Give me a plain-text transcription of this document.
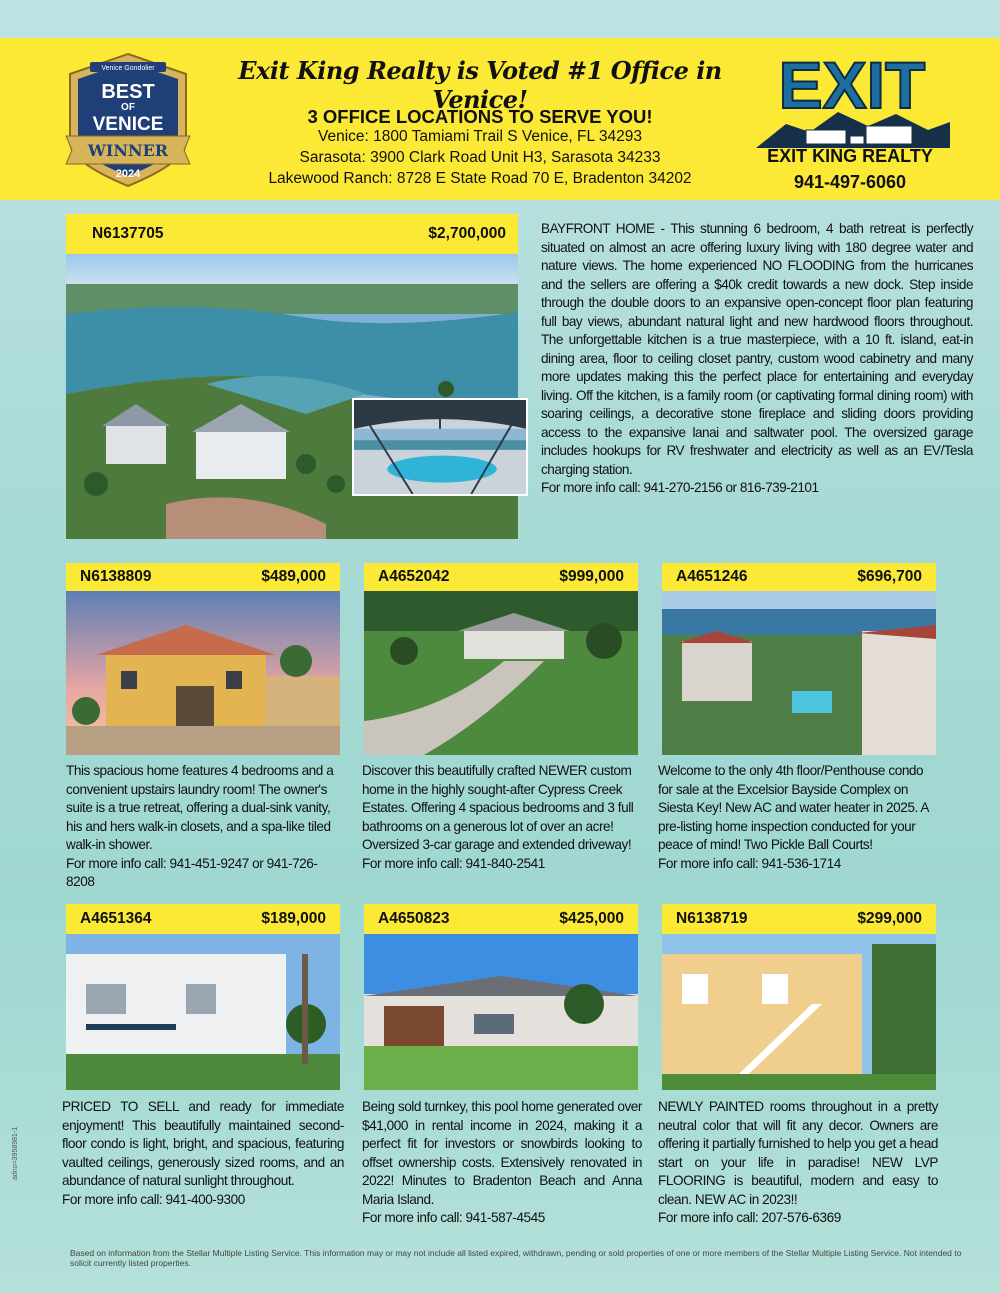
Venice Gondolier
BEST
OF
VENICE
WINNER
2024
Exit King Realty is Voted #1 Office in Venice!
3 OFFICE LOCATIONS TO SERVE YOU!
Venice: 1800 Tamiami Trail S Venice, FL 34293
Sarasota: 3900 Clark Road Unit H3, Sarasota 34233
Lakewood Ranch: 8728 E State Road 70 E, Bradenton 34202
EXIT
EXIT KING REALTY
941-497-6060
N6137705	$2,700,000	BAYFRONT HOME - This stunning 6 bedroom, 4 bath retreat is perfectly situated on almost an acre offering luxury living with 180 degree water and nature views. The home experienced NO FLOODING from the hurricanes and the sellers are offering a $40k credit towards a new dock. Step inside through the double doors to an expansive open-concept floor plan featuring full bay views, abundant natural light and new hardwood floors throughout. The unforgettable kitchen is a true masterpiece, with a 10 ft. island, eat-in dining area, floor to ceiling closet pantry, custom wood cabinetry and many more updates making this the perfect place for entertaining and everyday living. Off the kitchen, is a family room (or captivating formal dining room) with soaring ceilings, a decorative stone fireplace and sliding doors providing access to the expansive lanai and saltwater pool. The oversized garage includes hookups for RV freshwater and electricity as well as an EV/Tesla charging station.
For more info call: 941-270-2156 or 816-739-2101
N6138809	$489,000
This spacious home features 4 bedrooms and a convenient upstairs laundry room! The owner's suite is a true retreat, offering a dual-sink vanity, his and hers walk-in closets, and a spa-like tiled walk-in shower.
For more info call: 941-451-9247 or 941-726-8208
A4652042	$999,000
Discover this beautifully crafted NEWER custom home in the highly sought-after Cypress Creek Estates. Offering 4 spacious bedrooms and 3 full bathrooms on a generous lot of over an acre! Oversized 3-car garage and extended driveway!
For more info call: 941-840-2541
A4651246	$696,700
Welcome to the only 4th floor/Penthouse condo for sale at the Excelsior Bayside Complex on Siesta Key! New AC and water heater in 2025. A pre-listing home inspection conducted for your peace of mind! Two Pickle Ball Courts!
For more info call: 941-536-1714
A4651364	$189,000
PRICED TO SELL and ready for immediate enjoyment! This beautifully maintained second-floor condo is light, bright, and spacious, featuring vaulted ceilings, generously sized rooms, and an abundance of natural sunlight throughout.
For more info call: 941-400-9300
A4650823	$425,000
Being sold turnkey, this pool home generated over $41,000 in rental income in 2024, making it a perfect fit for investors or snowbirds looking to offset ownership costs. Extensively renovated in 2022! Minutes to Bradenton Beach and Anna Maria Island.
For more info call: 941-587-4545
N6138719	$299,000
NEWLY PAINTED rooms throughout in a pretty neutral color that will fit any decor. Owners are offering it partially furnished to help you get a head start on your life in paradise! NEW LVP FLOORING is beautiful, modern and easy to clean. NEW AC in 2023!!
For more info call: 207-576-6369
Based on information from the Stellar Multiple Listing Service. This information may or may not include all listed expired, withdrawn, pending or sold properties of one or more members of the Stellar Multiple Listing Service. Not intended to solicit currently listed properties.
adno=3958981-1
